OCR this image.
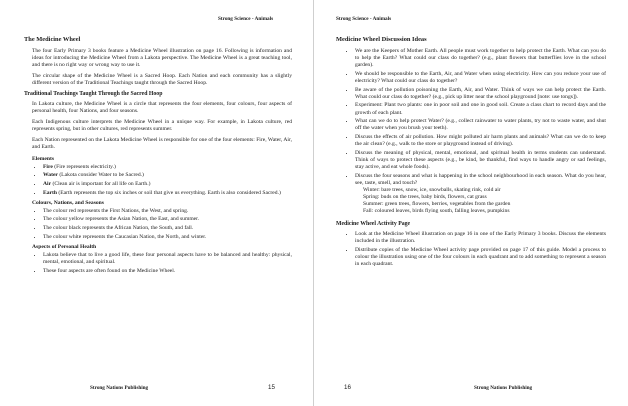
Strong Science - Animals
The Medicine Wheel

The four Early Primary 3 books feature a Medicine Wheel illustration on page 16. Following is information and ideas for introducing the Medicine Wheel from a Lakota perspective. The Medicine Wheel is a great teaching tool, and there is no right way or wrong way to use it.

The circular shape of the Medicine Wheel is a Sacred Hoop. Each Nation and each community has a slightly different version of the Traditional Teachings taught through the Sacred Hoop.

Traditional Teachings Taught Through the Sacred Hoop

In Lakota culture, the Medicine Wheel is a circle that represents the four elements, four colours, four aspects of personal health, four Nations, and four seasons.

Each Indigenous culture interprets the Medicine Wheel in a unique way. For example, in Lakota culture, red represents spring, but in other cultures, red represents summer.

Each Nation represented on the Lakota Medicine Wheel is responsible for one of the four elements: Fire, Water, Air, and Earth.

Elements
• Fire (Fire represents electricity.)
• Water (Lakota consider Water to be Sacred.)
• Air (Clean air is important for all life on Earth.)
• Earth (Earth represents the top six inches or soil that give us everything. Earth is also considered Sacred.)
Colours, Nations, and Seasons
• The colour red represents the First Nations, the West, and spring.
• The colour yellow represents the Asian Nation, the East, and summer.
• The colour black represents the African Nation, the South, and fall.
• The colour white represents the Caucasian Nation, the North, and winter.
Aspects of Personal Health
• Lakota believe that to live a good life, these four personal aspects have to be balanced and healthy: physical, mental, emotional, and spiritual.
• These four aspects are often found on the Medicine Wheel.
Strong Nations Publishing	15
Strong Science - Animals
Medicine Wheel Discussion Ideas
• We are the Keepers of Mother Earth. All people must work together to help protect the Earth. What can you do to help the Earth? What could our class do together? (e.g., plant flowers that butterflies love in the school garden).
• We should be responsible to the Earth, Air, and Water when using electricity. How can you reduce your use of electricity? What could our class do together?
• Be aware of the pollution poisoning the Earth, Air, and Water. Think of ways we can help protect the Earth. What could our class do together? (e.g., pick up litter near the school playground [note: use tongs]).
• Experiment: Plant two plants: one in poor soil and one in good soil. Create a class chart to record days and the growth of each plant.
• What can we do to help protect Water? (e.g., collect rainwater to water plants, try not to waste water, and shut off the water when you brush your teeth).
• Discuss the effects of air pollution. How might polluted air harm plants and animals? What can we do to keep the air clean? (e.g., walk to the store or playground instead of driving).
• Discuss the meaning of physical, mental, emotional, and spiritual health in terms students can understand. Think of ways to protect these aspects (e.g., be kind, be thankful, find ways to handle angry or sad feelings, stay active, and eat whole foods).
• Discuss the four seasons and what is happening in the school neighbourhood in each season. What do you hear, see, taste, smell, and touch?
Winter: bare trees, snow, ice, snowballs, skating rink, cold air
Spring: buds on the trees, baby birds, flowers, cat grass
Summer: green trees, flowers, berries, vegetables from the garden
Fall: coloured leaves, birds flying south, falling leaves, pumpkins
Medicine Wheel Activity Page
• Look at the Medicine Wheel illustration on page 16 in one of the Early Primary 3 books. Discuss the elements included in the illustration.
• Distribute copies of the Medicine Wheel activity page provided on page 17 of this guide. Model a process to colour the illustration using one of the four colours in each quadrant and to add something to represent a season in each quadrant.
16	Strong Nations Publishing
